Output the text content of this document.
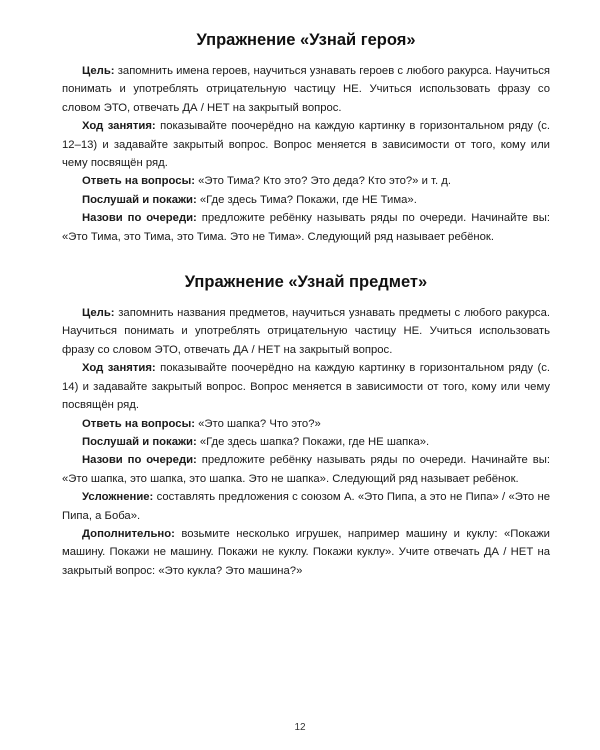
Упражнение «Узнай героя»

Цель: запомнить имена героев, научиться узнавать героев с любого ракурса. Научиться понимать и употреблять отрицательную частицу НЕ. Учиться использовать фразу со словом ЭТО, отвечать ДА / НЕТ на закрытый вопрос.

Ход занятия: показывайте поочерёдно на каждую картинку в горизонтальном ряду (с. 12–13) и задавайте закрытый вопрос. Вопрос меняется в зависимости от того, кому или чему посвящён ряд.

Ответь на вопросы: «Это Тима? Кто это? Это деда? Кто это?» и т. д.

Послушай и покажи: «Где здесь Тима? Покажи, где НЕ Тима».

Назови по очереди: предложите ребёнку называть ряды по очереди. Начинайте вы: «Это Тима, это Тима, это Тима. Это не Тима». Следующий ряд называет ребёнок.

Упражнение «Узнай предмет»

Цель: запомнить названия предметов, научиться узнавать предметы с любого ракурса. Научиться понимать и употреблять отрицательную частицу НЕ. Учиться использовать фразу со словом ЭТО, отвечать ДА / НЕТ на закрытый вопрос.

Ход занятия: показывайте поочерёдно на каждую картинку в горизонтальном ряду (с. 14) и задавайте закрытый вопрос. Вопрос меняется в зависимости от того, кому или чему посвящён ряд.

Ответь на вопросы: «Это шапка? Что это?»

Послушай и покажи: «Где здесь шапка? Покажи, где НЕ шапка».

Назови по очереди: предложите ребёнку называть ряды по очереди. Начинайте вы: «Это шапка, это шапка, это шапка. Это не шапка». Следующий ряд называет ребёнок.

Усложнение: составлять предложения с союзом А. «Это Пипа, а это не Пипа» / «Это не Пипа, а Боба».

Дополнительно: возьмите несколько игрушек, например машину и куклу: «Покажи машину. Покажи не машину. Покажи не куклу. Покажи куклу». Учите отвечать ДА / НЕТ на закрытый вопрос: «Это кукла? Это машина?»

12
